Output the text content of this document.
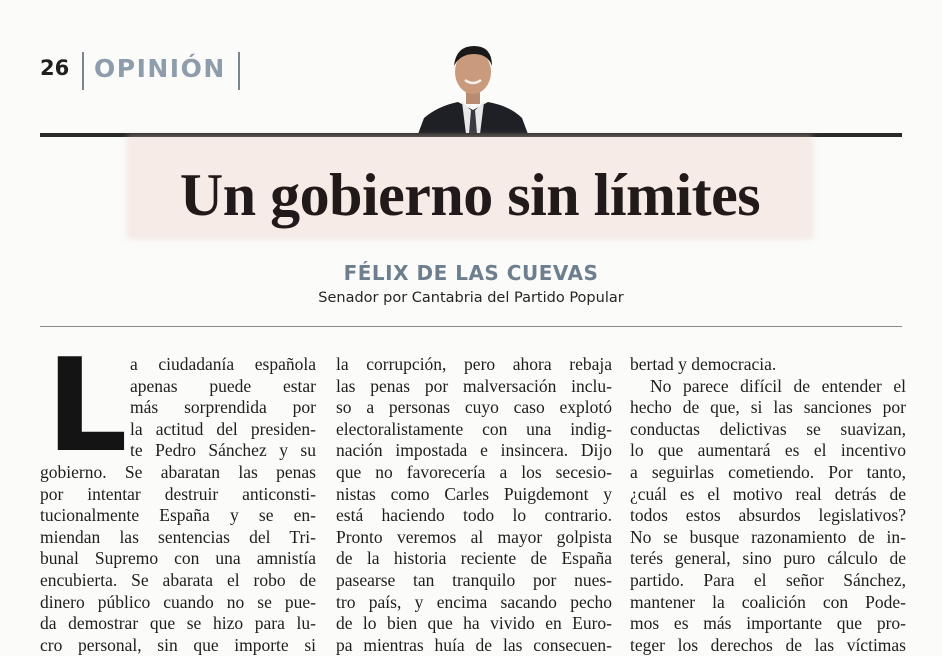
26 OPINIÓN
Un gobierno sin límites
FÉLIX DE LAS CUEVAS
Senador por Cantabria del Partido Popular
L a ciudadanía española
apenas puede estar
más sorprendida por
la actitud del presiden-
te Pedro Sánchez y su
gobierno. Se abaratan las penas
por intentar destruir anticonsti-
tucionalmente España y se en-
miendan las sentencias del Tri-
bunal Supremo con una amnistía
encubierta. Se abarata el robo de
dinero público cuando no se pue-
da demostrar que se hizo para lu-
cro personal, sin que importe si
la corrupción, pero ahora rebaja
las penas por malversación inclu-
so a personas cuyo caso explotó
electoralistamente con una indig-
nación impostada e insincera. Dijo
que no favorecería a los secesio-
nistas como Carles Puigdemont y
está haciendo todo lo contrario.
Pronto veremos al mayor golpista
de la historia reciente de España
pasearse tan tranquilo por nues-
tro país, y encima sacando pecho
de lo bien que ha vivido en Euro-
pa mientras huía de las consecuen-
bertad y democracia.
No parece difícil de entender el
hecho de que, si las sanciones por
conductas delictivas se suavizan,
lo que aumentará es el incentivo
a seguirlas cometiendo. Por tanto,
¿cuál es el motivo real detrás de
todos estos absurdos legislativos?
No se busque razonamiento de in-
terés general, sino puro cálculo de
partido. Para el señor Sánchez,
mantener la coalición con Pode-
mos es más importante que pro-
teger los derechos de las víctimas
